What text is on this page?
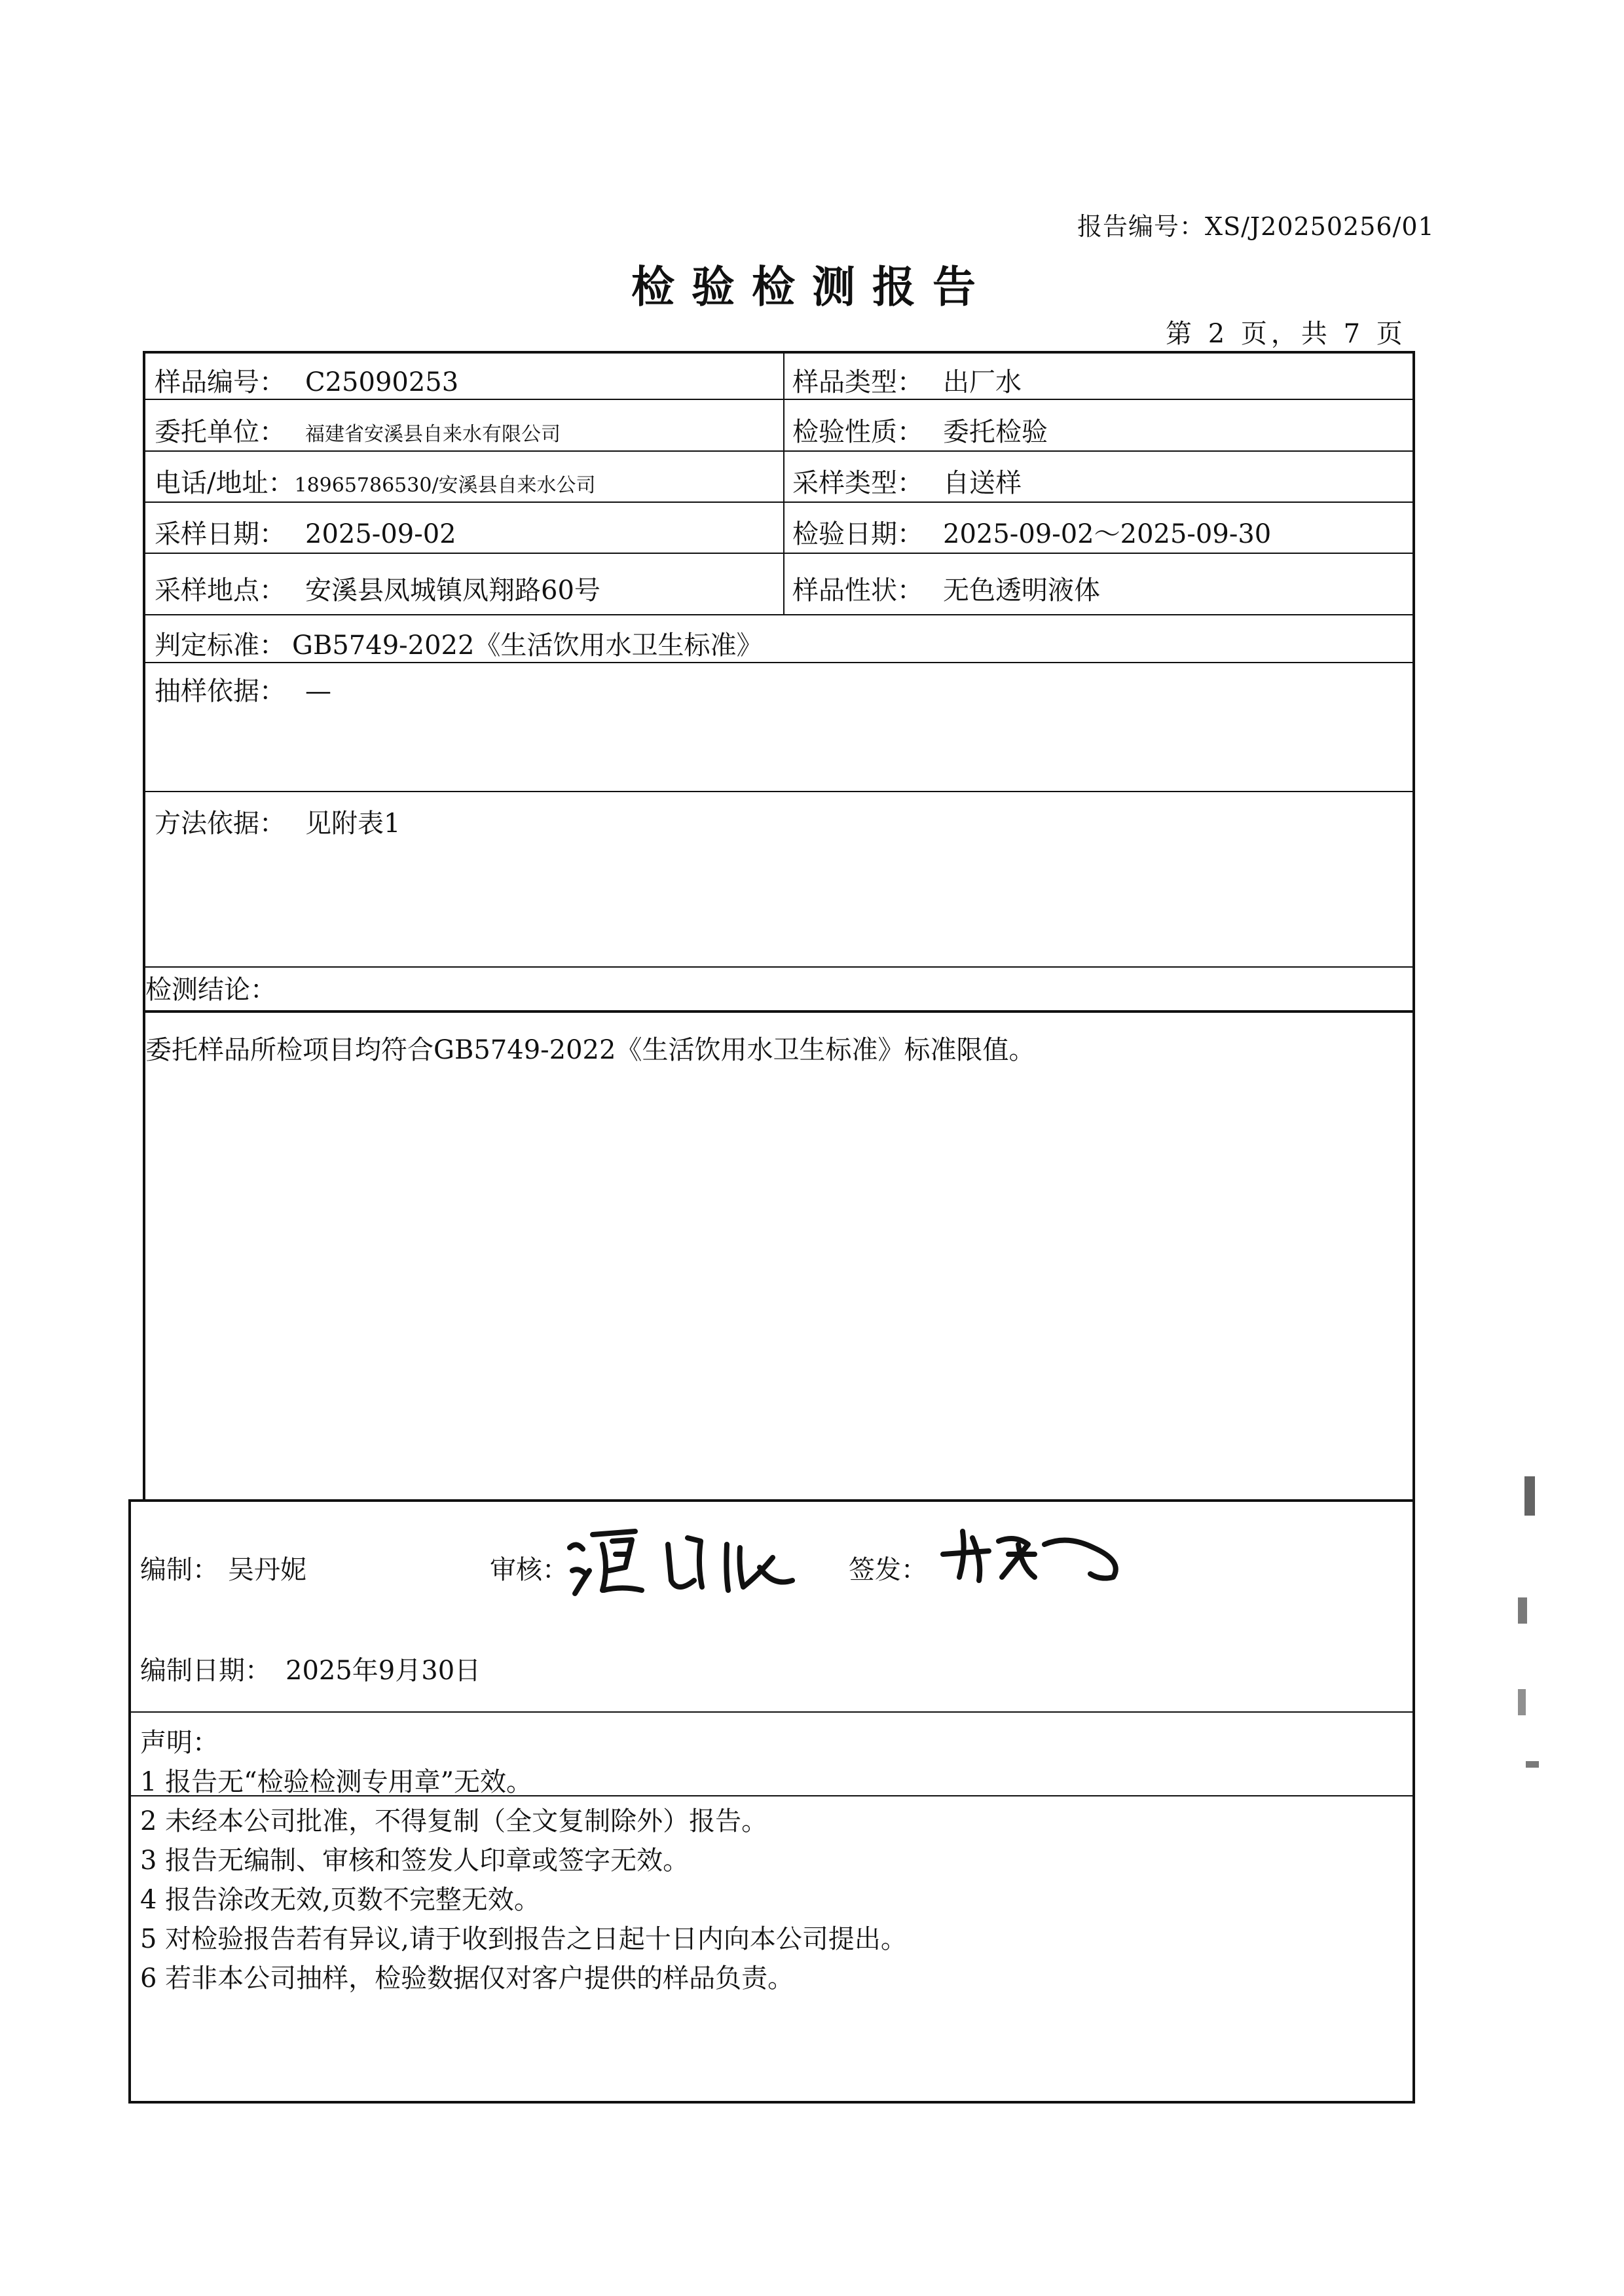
报告编号：XS/J20250256/01
检验检测报告
第 2 页，共 7 页
样品编号： C25090253	样品类型： 出厂水
委托单位： 福建省安溪县自来水有限公司	检验性质： 委托检验
电话/地址：18965786530/安溪县自来水公司	采样类型： 自送样
采样日期： 2025-09-02	检验日期： 2025-09-02～2025-09-30
采样地点： 安溪县凤城镇凤翔路60号	样品性状： 无色透明液体
判定标准： GB5749-2022《生活饮用水卫生标准》
抽样依据： —
方法依据： 见附表1
检测结论：
委托样品所检项目均符合GB5749-2022《生活饮用水卫生标准》标准限值。
编制： 吴丹妮	审核：	签发：
编制日期： 2025年9月30日
声明：
1 报告无“检验检测专用章”无效。
2 未经本公司批准，不得复制（全文复制除外）报告。
3 报告无编制、审核和签发人印章或签字无效。
4 报告涂改无效,页数不完整无效。
5 对检验报告若有异议,请于收到报告之日起十日内向本公司提出。
6 若非本公司抽样，检验数据仅对客户提供的样品负责。
